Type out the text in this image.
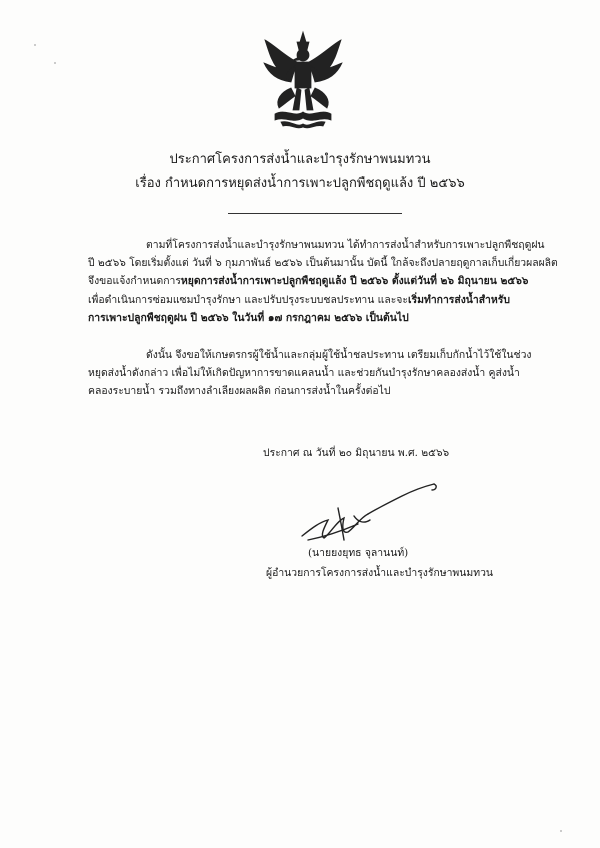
ประกาศโครงการส่งน้ำและบำรุงรักษาพนมทวน
เรื่อง กำหนดการหยุดส่งน้ำการเพาะปลูกพืชฤดูแล้ง ปี ๒๕๖๖
ตามที่โครงการส่งน้ำและบำรุงรักษาพนมทวน ได้ทำการส่งน้ำสำหรับการเพาะปลูกพืชฤดูฝน
ปี ๒๕๖๖ โดยเริ่มตั้งแต่ วันที่ ๖ กุมภาพันธ์ ๒๕๖๖ เป็นต้นมานั้น บัดนี้ ใกล้จะถึงปลายฤดูกาลเก็บเกี่ยวผลผลิต
จึงขอแจ้งกำหนดการหยุดการส่งน้ำการเพาะปลูกพืชฤดูแล้ง ปี ๒๕๖๖ ตั้งแต่วันที่ ๒๖ มิถุนายน ๒๕๖๖
เพื่อดำเนินการซ่อมแซมบำรุงรักษา และปรับปรุงระบบชลประทาน และจะเริ่มทำการส่งน้ำสำหรับ
การเพาะปลูกพืชฤดูฝน ปี ๒๕๖๖ ในวันที่ ๑๗ กรกฎาคม ๒๕๖๖ เป็นต้นไป
ดังนั้น จึงขอให้เกษตรกรผู้ใช้น้ำและกลุ่มผู้ใช้น้ำชลประทาน เตรียมเก็บกักน้ำไว้ใช้ในช่วง
หยุดส่งน้ำดังกล่าว เพื่อไม่ให้เกิดปัญหาการขาดแคลนน้ำ และช่วยกันบำรุงรักษาคลองส่งน้ำ คูส่งน้ำ
คลองระบายน้ำ รวมถึงทางลำเลียงผลผลิต ก่อนการส่งน้ำในครั้งต่อไป
ประกาศ ณ วันที่ ๒๐ มิถุนายน พ.ศ. ๒๕๖๖
(นายยงยุทธ จุลานนท์)
ผู้อำนวยการโครงการส่งน้ำและบำรุงรักษาพนมทวน
